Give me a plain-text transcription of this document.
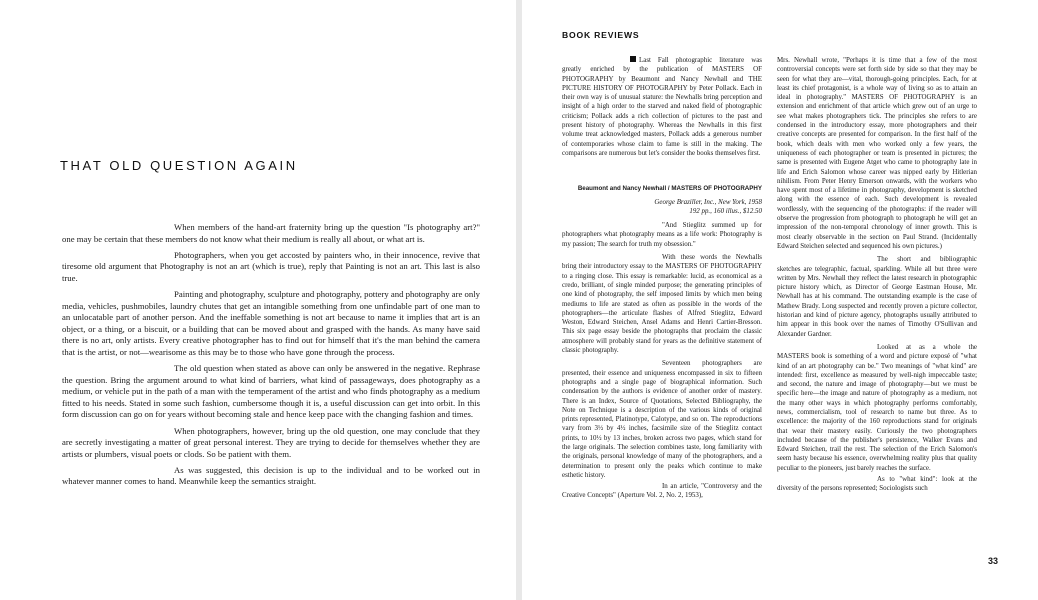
THAT OLD QUESTION AGAIN

When members of the hand-art fraternity bring up the question "Is photography art?" one may be certain that these members do not know what their medium is really all about, or what art is.

Photographers, when you get accosted by painters who, in their innocence, revive that tiresome old argument that Photography is not an art (which is true), reply that Painting is not an art. This last is also true.

Painting and photography, sculpture and photography, pottery and photography are only media, vehicles, pushmobiles, laundry chutes that get an intangible something from one unfindable part of one man to an unlocatable part of another person. And the ineffable something is not art because to name it implies that art is an object, or a thing, or a biscuit, or a building that can be moved about and grasped with the hands. As many have said there is no art, only artists. Every creative photographer has to find out for himself that it's the man behind the camera that is the artist, or not—wearisome as this may be to those who have gone through the process.

The old question when stated as above can only be answered in the negative. Rephrase the question. Bring the argument around to what kind of barriers, what kind of passageways, does photography as a medium, or vehicle put in the path of a man with the temperament of the artist and who finds photography as a medium fitted to his needs. Stated in some such fashion, cumbersome though it is, a useful discussion can get into orbit. In this form discussion can go on for years without becoming stale and hence keep pace with the changing fashion and times.

When photographers, however, bring up the old question, one may conclude that they are secretly investigating a matter of great personal interest. They are trying to decide for themselves whether they are artists or plumbers, visual poets or clods. So be patient with them.

As was suggested, this decision is up to the individual and to be worked out in whatever manner comes to hand. Meanwhile keep the semantics straight.

BOOK REVIEWS

Last Fall photographic literature was greatly enriched by the publication of MASTERS OF PHOTOGRAPHY by Beaumont and Nancy Newhall and THE PICTURE HISTORY OF PHOTOGRAPHY by Peter Pollack. Each in their own way is of unusual stature: the Newhalls bring perception and insight of a high order to the starved and naked field of photographic criticism; Pollack adds a rich collection of pictures to the past and present history of photography. Whereas the Newhalls in this first volume treat acknowledged masters, Pollack adds a generous number of contemporaries whose claim to fame is still in the making. The comparisons are numerous but let's consider the books themselves first.

Beaumont and Nancy Newhall / MASTERS OF PHOTOGRAPHY
George Braziller, Inc., New York, 1958
192 pp., 160 illus., $12.50

"And Stieglitz summed up for photographers what photography means as a life work: Photography is my passion; The search for truth my obsession."

With these words the Newhalls bring their introductory essay to the MASTERS OF PHOTOGRAPHY to a ringing close. This essay is remarkable: lucid, as economical as a credo, brilliant, of single minded purpose; the generating principles of one kind of photography, the self imposed limits by which men being mediums to life are stated as often as possible in the words of the photographers—the articulate flashes of Alfred Stieglitz, Edward Weston, Edward Steichen, Ansel Adams and Henri Cartier-Bresson. This six page essay beside the photographs that proclaim the classic atmosphere will probably stand for years as the definitive statement of classic photography.

Seventeen photographers are presented, their essence and uniqueness encompassed in six to fifteen photographs and a single page of biographical information. Such condensation by the authors is evidence of another order of mastery. There is an Index, Source of Quotations, Selected Bibliography, the Note on Technique is a description of the various kinds of original prints represented, Platinotype, Calotype, and so on. The reproductions vary from 3½ by 4½ inches, facsimile size of the Stieglitz contact prints, to 10½ by 13 inches, broken across two pages, which stand for the large originals. The selection combines taste, long familiarity with the originals, personal knowledge of many of the photographers, and a determination to present only the peaks which continue to make esthetic history.

In an article, "Controversy and the Creative Concepts" (Aperture Vol. 2, No. 2, 1953),

Mrs. Newhall wrote, "Perhaps it is time that a few of the most controversial concepts were set forth side by side so that they may be seen for what they are—vital, thorough-going principles. Each, for at least its chief protagonist, is a whole way of living so as to attain an ideal in photography." MASTERS OF PHOTOGRAPHY is an extension and enrichment of that article which grew out of an urge to see what makes photographers tick. The principles she refers to are condensed in the introductory essay, more photographers and their creative concepts are presented for comparison. In the first half of the book, which deals with men who worked only a few years, the uniqueness of each photographer or team is presented in pictures; the same is presented with Eugene Atget who came to photography late in life and Erich Salomon whose career was nipped early by Hitlerian nihilism. From Peter Henry Emerson onwards, with the workers who have spent most of a lifetime in photography, development is sketched along with the essence of each. Such development is revealed wordlessly, with the sequencing of the photographs: if the reader will observe the progression from photograph to photograph he will get an impression of the non-temporal chronology of inner growth. This is most clearly observable in the section on Paul Strand. (Incidentally Edward Steichen selected and sequenced his own pictures.)

The short and bibliographic sketches are telegraphic, factual, sparkling. While all but three were written by Mrs. Newhall they reflect the latest research in photographic picture history which, as Director of George Eastman House, Mr. Newhall has at his command. The outstanding example is the case of Mathew Brady. Long suspected and recently proven a picture collector, historian and kind of picture agency, photographs usually attributed to him appear in this book over the names of Timothy O'Sullivan and Alexander Gardner.

Looked at as a whole the MASTERS book is something of a word and picture exposé of "what kind of an art photography can be." Two meanings of "what kind" are intended: first, excellence as measured by well-nigh impeccable taste; and second, the nature and image of photography—but we must be specific here—the image and nature of photography as a medium, not the many other ways in which photography performs comfortably, news, commercialism, tool of research to name but three. As to excellence: the majority of the 160 reproductions stand for originals that wear their mastery easily. Curiously the two photographers included because of the publisher's persistence, Walker Evans and Edward Steichen, trail the rest. The selection of the Erich Salomon's seem hasty because his essence, overwhelming reality plus that quality peculiar to the pioneers, just barely reaches the surface.

As to "what kind": look at the diversity of the persons represented; Sociologists such

33
